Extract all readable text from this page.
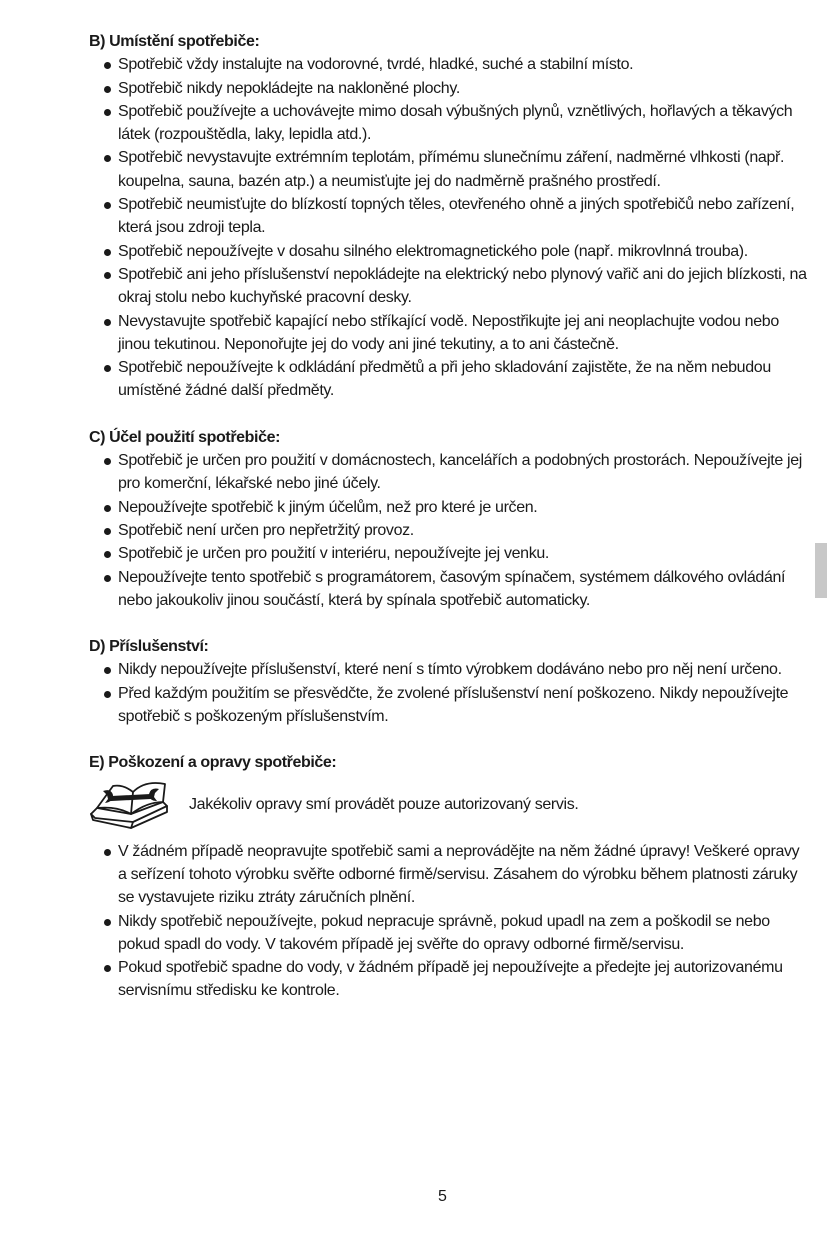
B) Umístění spotřebiče:
Spotřebič vždy instalujte na vodorovné, tvrdé, hladké, suché a stabilní místo.
Spotřebič nikdy nepokládejte na nakloněné plochy.
Spotřebič používejte a uchovávejte mimo dosah výbušných plynů, vznětlivých, hořlavých a těkavých látek (rozpouštědla, laky, lepidla atd.).
Spotřebič nevystavujte extrémním teplotám, přímému slunečnímu záření, nadměrné vlhkosti (např. koupelna, sauna, bazén atp.) a neumisťujte jej do nadměrně prašného prostředí.
Spotřebič neumisťujte do blízkostí topných těles, otevřeného ohně a jiných spotřebičů nebo zařízení, která jsou zdroji tepla.
Spotřebič nepoužívejte v dosahu silného elektromagnetického pole (např. mikrovlnná trouba).
Spotřebič ani jeho příslušenství nepokládejte na elektrický nebo plynový vařič ani do jejich blízkosti, na okraj stolu nebo kuchyňské pracovní desky.
Nevystavujte spotřebič kapající nebo stříkající vodě. Nepostřikujte jej ani neoplachujte vodou nebo jinou tekutinou. Neponořujte jej do vody ani jiné tekutiny, a to ani částečně.
Spotřebič nepoužívejte k odkládání předmětů a při jeho skladování zajistěte, že na něm nebudou umístěné žádné další předměty.
C) Účel použití spotřebiče:
Spotřebič je určen pro použití v domácnostech, kancelářích a podobných prostorách. Nepoužívejte jej pro komerční, lékařské nebo jiné účely.
Nepoužívejte spotřebič k jiným účelům, než pro které je určen.
Spotřebič není určen pro nepřetržitý provoz.
Spotřebič je určen pro použití v interiéru, nepoužívejte jej venku.
Nepoužívejte tento spotřebič s programátorem, časovým spínačem, systémem dálkového ovládání nebo jakoukoliv jinou součástí, která by spínala spotřebič automaticky.
D) Příslušenství:
Nikdy nepoužívejte příslušenství, které není s tímto výrobkem dodáváno nebo pro něj není určeno.
Před každým použitím se přesvědčte, že zvolené příslušenství není poškozeno. Nikdy nepoužívejte spotřebič s poškozeným příslušenstvím.
E) Poškození a opravy spotřebiče:
Jakékoliv opravy smí provádět pouze autorizovaný servis.
V žádném případě neopravujte spotřebič sami a neprovádějte na něm žádné úpravy! Veškeré opravy a seřízení tohoto výrobku svěřte odborné firmě/servisu. Zásahem do výrobku během platnosti záruky se vystavujete riziku ztráty záručních plnění.
Nikdy spotřebič nepoužívejte, pokud nepracuje správně, pokud upadl na zem a poškodil se nebo pokud spadl do vody. V takovém případě jej svěřte do opravy odborné firmě/servisu.
Pokud spotřebič spadne do vody, v žádném případě jej nepoužívejte a předejte jej autorizovanému servisnímu středisku ke kontrole.
5
